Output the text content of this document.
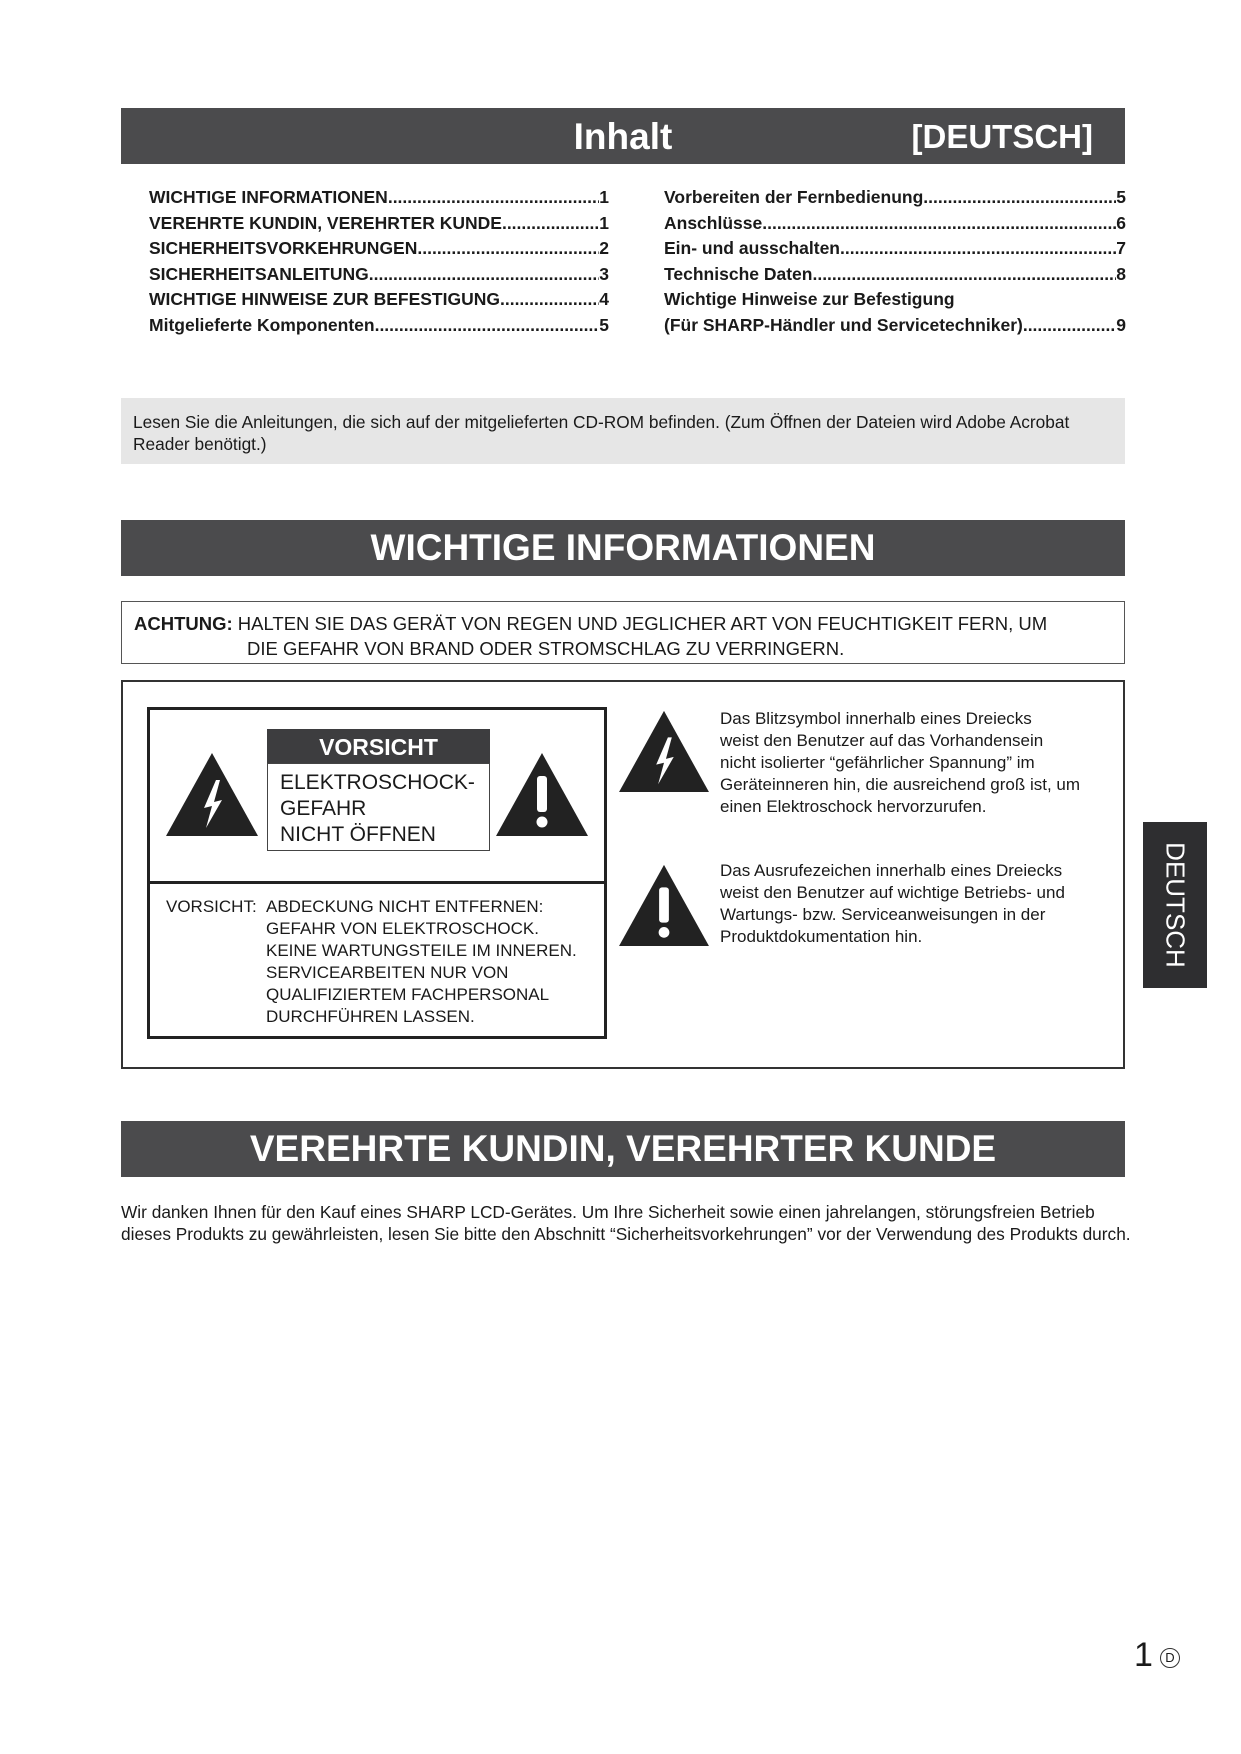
Inhalt	[DEUTSCH]
WICHTIGE INFORMATIONEN .....	1
VEREHRTE KUNDIN, VEREHRTER KUNDE .....	1
SICHERHEITSVORKEHRUNGEN .....	2
SICHERHEITSANLEITUNG .....	3
WICHTIGE HINWEISE ZUR BEFESTIGUNG .....	4
Mitgelieferte Komponenten .....	5
Vorbereiten der Fernbedienung .....	5
Anschlüsse .....	6
Ein- und ausschalten .....	7
Technische Daten .....	8
Wichtige Hinweise zur Befestigung
(Für SHARP-Händler und Servicetechniker) .....	9
Lesen Sie die Anleitungen, die sich auf der mitgelieferten CD-ROM befinden. (Zum Öffnen der Dateien wird Adobe Acrobat Reader benötigt.)
WICHTIGE INFORMATIONEN
ACHTUNG: HALTEN SIE DAS GERÄT VON REGEN UND JEGLICHER ART VON FEUCHTIGKEIT FERN, UM
DIE GEFAHR VON BRAND ODER STROMSCHLAG ZU VERRINGERN.
VORSICHT
ELEKTROSCHOCK-
GEFAHR
NICHT ÖFFNEN
VORSICHT: ABDECKUNG NICHT ENTFERNEN:
GEFAHR VON ELEKTROSCHOCK.
KEINE WARTUNGSTEILE IM INNEREN.
SERVICEARBEITEN NUR VON
QUALIFIZIERTEM FACHPERSONAL
DURCHFÜHREN LASSEN.
Das Blitzsymbol innerhalb eines Dreiecks
weist den Benutzer auf das Vorhandensein
nicht isolierter “gefährlicher Spannung” im
Geräteinneren hin, die ausreichend groß ist, um
einen Elektroschock hervorzurufen.
Das Ausrufezeichen innerhalb eines Dreiecks
weist den Benutzer auf wichtige Betriebs- und
Wartungs- bzw. Serviceanweisungen in der
Produktdokumentation hin.
VEREHRTE KUNDIN, VEREHRTER KUNDE
Wir danken Ihnen für den Kauf eines SHARP LCD-Gerätes. Um Ihre Sicherheit sowie einen jahrelangen, störungsfreien Betrieb dieses Produkts zu gewährleisten, lesen Sie bitte den Abschnitt “Sicherheitsvorkehrungen” vor der Verwendung des Produkts durch.
DEUTSCH
1 D
